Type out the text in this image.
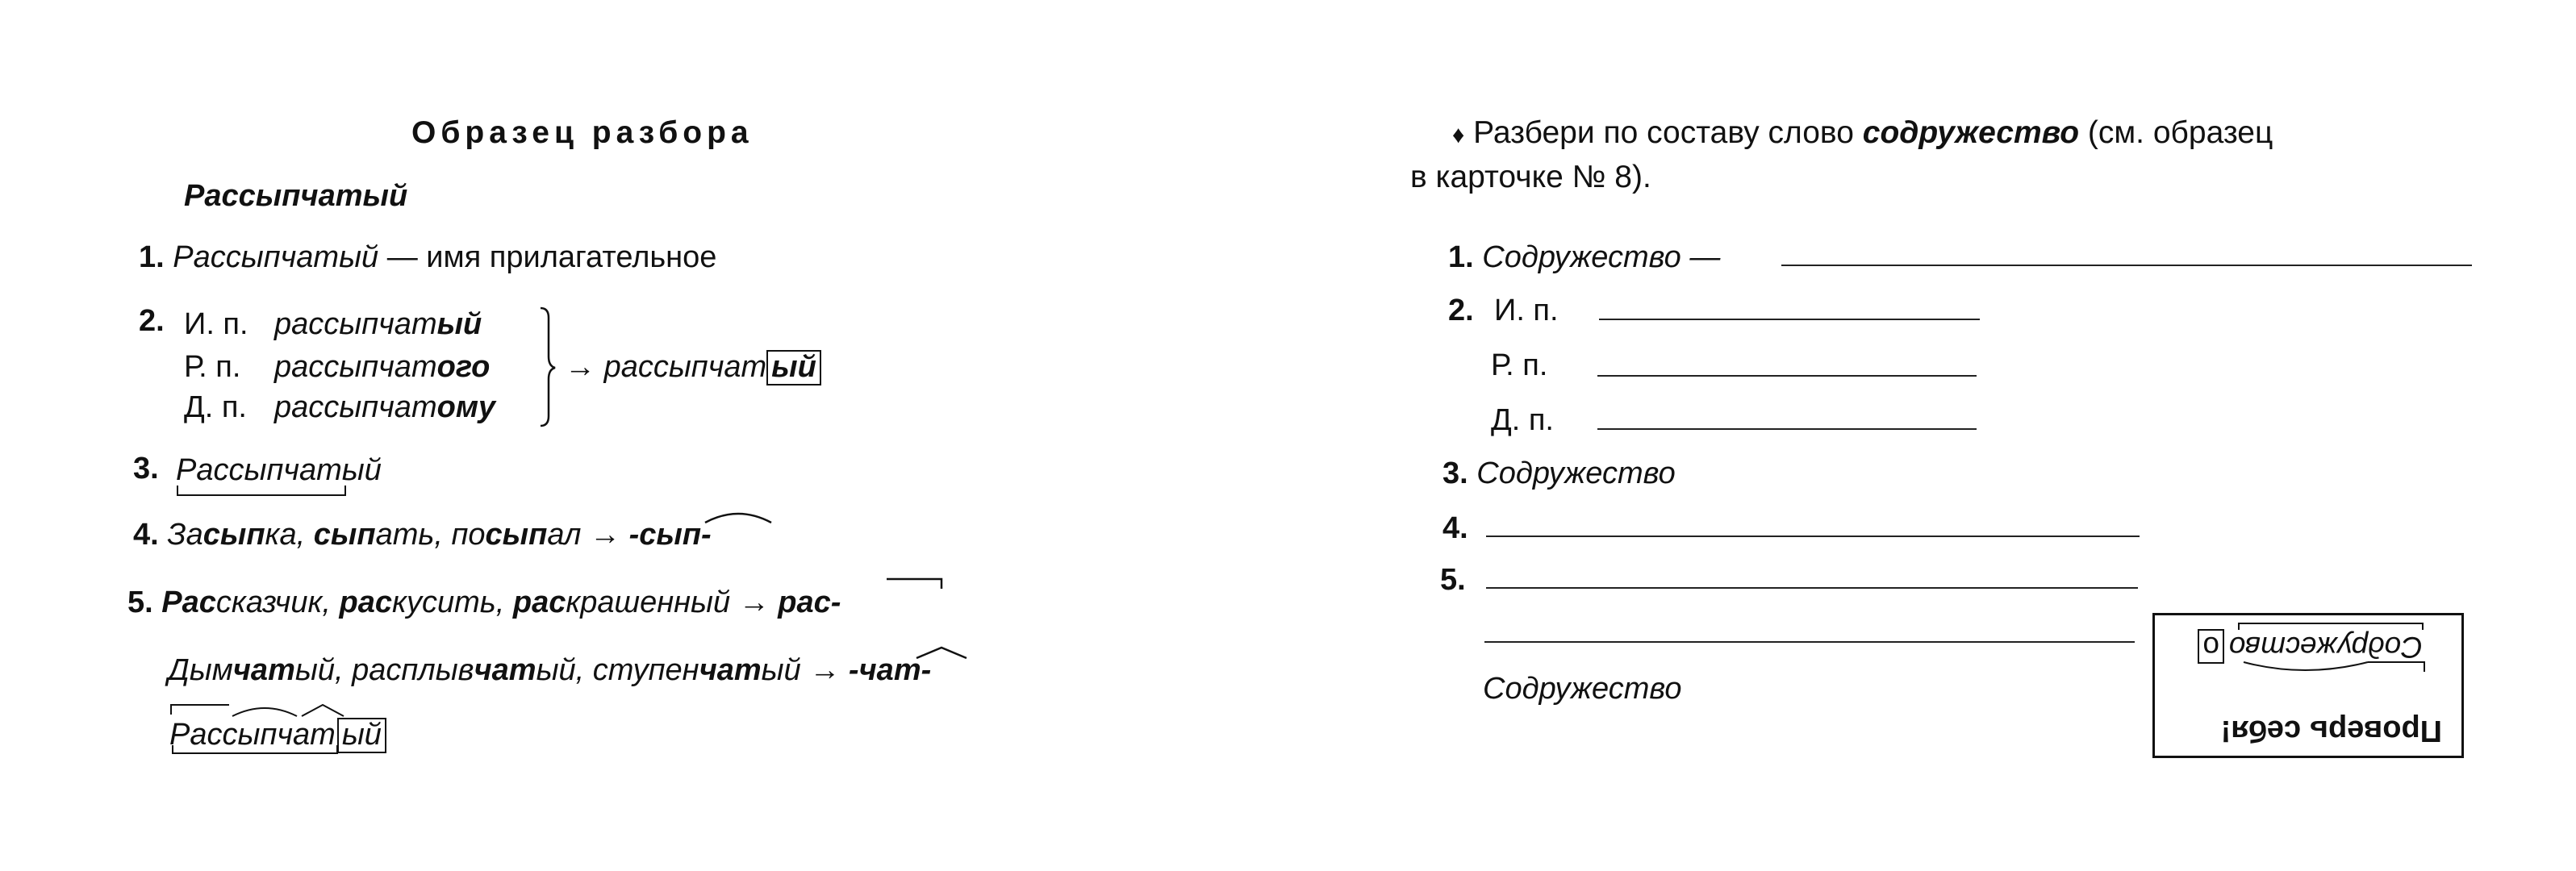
Образец разбора
Рассыпчатый
1. Рассыпчатый — имя прилагательное
2. И. п. рассыпчатый
Р. п. рассыпчатого
Д. п. рассыпчатому
→ рассыпчат ый
3. Рассыпчатый
4. Засыпка, сыпать, посыпал → -сып-
5. Рассказчик, раскусить, раскрашенный → рас-
Дымчатый, расплывчатый, ступенчатый → -чат-
Рассыпчат ый
♦ Разбери по составу слово содружество (см. образец
в карточке № 8).
1. Содружество —
2. И. п.
Р. п.
Д. п.
3. Содружество
4.
5.
Содружество
Проверь себя!
Содружествоо
